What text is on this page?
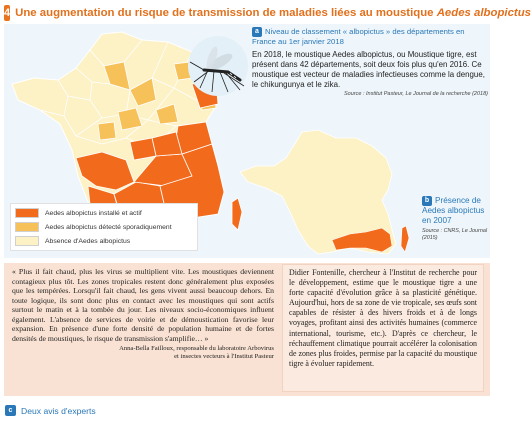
4 Une augmentation du risque de transmission de maladies liées au moustique Aedes albopictus
Aedes albopictus installé et actif
Aedes albopictus détecté sporadiquement
Absence d'Aedes albopictus
a Niveau de classement « albopictus » des départements en France au 1er janvier 2018
En 2018, le moustique Aedes albopictus, ou Moustique tigre, est présent dans 42 départements, soit deux fois plus qu'en 2016. Ce moustique est vecteur de maladies infectieuses comme la dengue, le chikungunya et le zika.
Source : Institut Pasteur, Le Journal de la recherche (2018)
b Présence de Aedes albopictus en 2007
Source : CNRS, Le Journal (2015)
« Plus il fait chaud, plus les virus se multiplient vite. Les moustiques deviennent contagieux plus tôt. Les zones tropicales restent donc généralement plus exposées que les tempérées. Lorsqu'il fait chaud, les gens vivent aussi beaucoup dehors. En toute logique, ils sont donc plus en contact avec les moustiques qui sont actifs surtout le matin et à la tombée du jour. Les niveaux socio-économiques influent également. L'absence de services de voirie et de démoustication favorise leur expansion. En présence d'une forte densité de population humaine et de fortes densités de moustiques, le risque de transmission s'amplifie… »
Anna-Bella Failloux, responsable du laboratoire Arbovirus
et insectes vecteurs à l'Institut Pasteur
Didier Fontenille, chercheur à l'Institut de recherche pour le développement, estime que le moustique tigre a une forte capacité d'évolution grâce à sa plasticité génétique. Aujourd'hui, hors de sa zone de vie tropicale, ses œufs sont capables de résister à des hivers froids et à de longs voyages, profitant ainsi des activités humaines (commerce international, tourisme, etc.). D'après ce chercheur, le réchauffement climatique pourrait accélérer la colonisation de zones plus froides, permise par la capacité du moustique tigre à évoluer rapidement.
c Deux avis d'experts
